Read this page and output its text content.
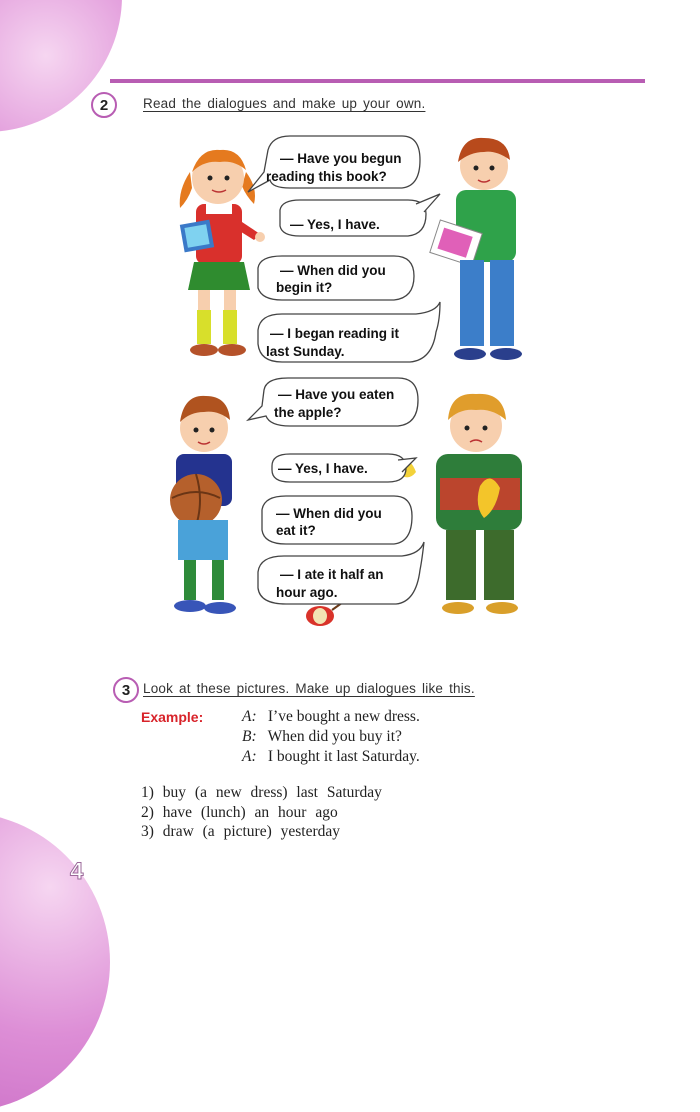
2	Read the dialogues and make up your own.
— Have you begun
reading this book?
— Yes, I have.
— When did you
begin it?
— I began reading it
last Sunday.
— Have you eaten
the apple?
— Yes, I have.
— When did you
eat it?
— I ate it half an
hour ago.
3 Look at these pictures. Make up dialogues like this.
Example:	A: I’ve bought a new dress.
B: When did you buy it?
A: I bought it last Saturday.
1) buy (a new dress) last Saturday
2) have (lunch) an hour ago
3) draw (a picture) yesterday
4
